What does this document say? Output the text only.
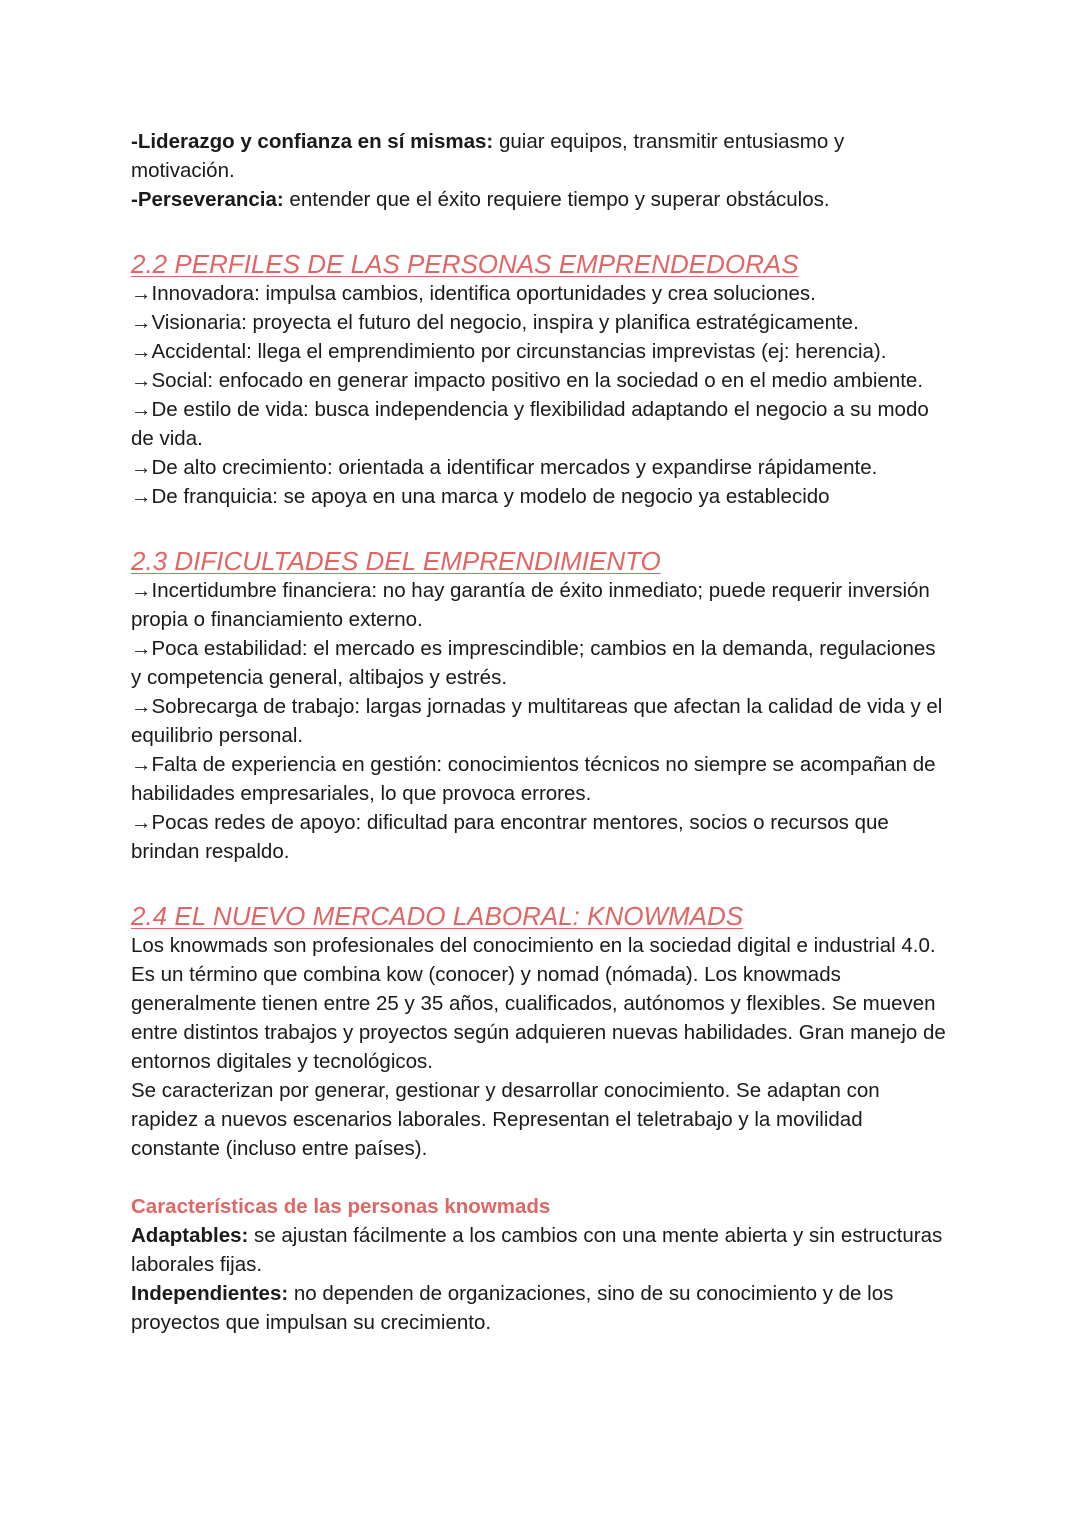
-Liderazgo y confianza en sí mismas: guiar equipos, transmitir entusiasmo y motivación.

-Perseverancia: entender que el éxito requiere tiempo y superar obstáculos.

2.2 PERFILES DE LAS PERSONAS EMPRENDEDORAS

→Innovadora: impulsa cambios, identifica oportunidades y crea soluciones.

→Visionaria: proyecta el futuro del negocio, inspira y planifica estratégicamente.

→Accidental: llega el emprendimiento por circunstancias imprevistas (ej: herencia).

→Social: enfocado en generar impacto positivo en la sociedad o en el medio ambiente.

→De estilo de vida: busca independencia y flexibilidad adaptando el negocio a su modo de vida.

→De alto crecimiento: orientada a identificar mercados y expandirse rápidamente.

→De franquicia: se apoya en una marca y modelo de negocio ya establecido

2.3 DIFICULTADES DEL EMPRENDIMIENTO

→Incertidumbre financiera: no hay garantía de éxito inmediato; puede requerir inversión propia o financiamiento externo.

→Poca estabilidad: el mercado es imprescindible; cambios en la demanda, regulaciones y competencia general, altibajos y estrés.

→Sobrecarga de trabajo: largas jornadas y multitareas que afectan la calidad de vida y el equilibrio personal.

→Falta de experiencia en gestión: conocimientos técnicos no siempre se acompañan de habilidades empresariales, lo que provoca errores.

→Pocas redes de apoyo: dificultad para encontrar mentores, socios o recursos que brindan respaldo.

2.4 EL NUEVO MERCADO LABORAL: KNOWMADS

Los knowmads son profesionales del conocimiento en la sociedad digital e industrial 4.0. Es un término que combina kow (conocer) y nomad (nómada). Los knowmads generalmente tienen entre 25 y 35 años, cualificados, autónomos y flexibles. Se mueven entre distintos trabajos y proyectos según adquieren nuevas habilidades. Gran manejo de entornos digitales y tecnológicos.

Se caracterizan por generar, gestionar y desarrollar conocimiento. Se adaptan con rapidez a nuevos escenarios laborales. Representan el teletrabajo y la movilidad constante (incluso entre países).

Características de las personas knowmads

Adaptables: se ajustan fácilmente a los cambios con una mente abierta y sin estructuras laborales fijas.

Independientes: no dependen de organizaciones, sino de su conocimiento y de los proyectos que impulsan su crecimiento.
